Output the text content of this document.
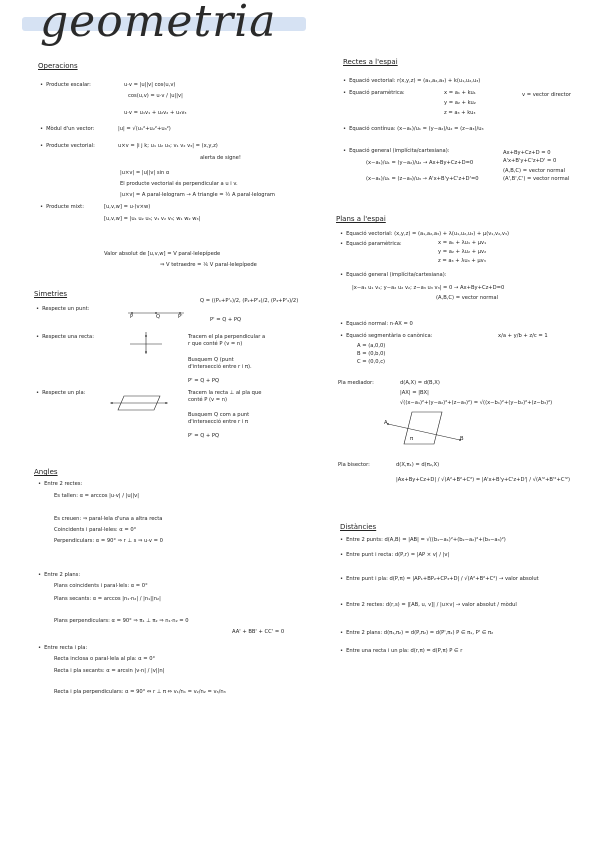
geometria
Operacions
• Producte escalar:	u·v = |u||v| cos(u,v)
cos(u,v) = u·v / |u||v|
u·v = u₁v₁ + u₂v₂ + u₃v₃
• Mòdul d'un vector:	|u| = √(u₁²+u₂²+u₃²)
• Producte vectorial:	u×v = |i j k; u₁ u₂ u₃; v₁ v₂ v₃| = (x,y,z)
alerta de signe!
|u×v| = |u||v| sin α
El producte vectorial és perpendicular a u i v.
|u×v| = A paral·lelogram → A triangle = ½ A paral·lelogram
• Producte mixt:	[u,v,w] = u·(v×w)
[u,v,w] = |u₁ u₂ u₃; v₁ v₂ v₃; w₁ w₂ w₃|
Valor absolut de [u,v,w] = V paral·lelepípede
⇒ V tetraedre = ⅙ V paral·lelepípede
Simetries
• Respecte un punt:
P	Q	P'
Q = ((P₁+P'₁)/2, (P₂+P'₂)/2, (P₃+P'₃)/2)
P' = Q + PQ
• Respecte una recta:	Tracem el pla perpendicular a r que conté P (v = n)
Busquem Q (punt d'intersecció entre r i π).
P' = Q + PQ
• Respecte un pla:	Tracem la recta ⊥ al pla que conté P (v = n)
Busquem Q com a punt d'intersecció entre r i π
P' = Q + PQ
Angles
• Entre 2 rectes:
Es tallen: α = arccos |u·v| / |u||v|
Es creuen: ⇒ paral·lela d'una a altra recta
Coincidents i paral·leles: α = 0°
Perpendiculars: α = 90° ⇒ r ⊥ s ⇒ u·v = 0
• Entre 2 plans:
Plans coincidents i paral·lels: α = 0°
Plans secants: α = arccos |n₁·n₂| / |n₁||n₂|
Plans perpendiculars: α = 90° ⇒ π₁ ⊥ π₂ ⇒ n₁·n₂ = 0
AA' + BB' + CC' = 0
• Entre recta i pla:
Recta inclosa o paral·lela al pla: α = 0°
Recta i pla secants: α = arcsin |v·n| / |v||n|
Recta i pla perpendiculars: α = 90° ⇔ r ⊥ π ⇔ v₁/n₁ = v₂/n₂ = v₃/n₃
Rectes a l'espai
• Equació vectorial: r(x,y,z) = (a₁,a₂,a₃) + k(u₁,u₂,u₃)
• Equació paramètrica:	x = a₁ + ku₁
y = a₂ + ku₂
z = a₃ + ku₃
v = vector director
• Equació contínua: (x−a₁)/u₁ = (y−a₂)/u₂ = (z−a₃)/u₃
• Equació general (implícita/cartesiana):
(x−a₁)/u₁ = (y−a₂)/u₂ → Ax+By+Cz+D=0
(x−a₁)/u₁ = (z−a₃)/u₃ → A'x+B'y+C'z+D'=0
Ax+By+Cz+D = 0
A'x+B'y+C'z+D' = 0
(A,B,C) = vector normal
(A',B',C') = vector normal
Plans a l'espai
• Equació vectorial: (x,y,z) = (a₁,a₂,a₃) + λ(u₁,u₂,u₃) + μ(v₁,v₂,v₃)
• Equació paramètrica:	x = a₁ + λu₁ + μv₁
y = a₂ + λu₂ + μv₂
z = a₃ + λu₃ + μv₃
• Equació general (implícita/cartesiana):
|x−a₁ u₁ v₁; y−a₂ u₂ v₂; z−a₃ u₃ v₃| = 0 → Ax+By+Cz+D=0
(A,B,C) = vector normal
• Equació normal: n·AX = 0
• Equació segmentària o canònica:	x/a + y/b + z/c = 1
A = (a,0,0)
B = (0,b,0)
C = (0,0,c)
Pla mediador:	d(A,X) = d(B,X)
|AX| = |BX|
√((x−a₁)²+(y−a₂)²+(z−a₃)²) = √((x−b₁)²+(y−b₂)²+(z−b₃)²)
A
B
π
Pla bisector:	d(X,π₁) = d(π₂,X)
|Ax+By+Cz+D| / √(A²+B²+C²) = |A'x+B'y+C'z+D'| / √(A'²+B'²+C'²)
Distàncies
• Entre 2 punts: d(A,B) = |AB| = √((b₁−a₁)²+(b₂−a₂)²+(b₃−a₃)²)
• Entre punt i recta: d(P,r) = |AP × v| / |v|
• Entre punt i pla: d(P,π) = |AP₁+BP₂+CP₃+D| / √(A²+B²+C²) → valor absolut
• Entre 2 rectes: d(r,s) = |[AB, u, v]| / |u×v| → valor absolut / mòdul
• Entre 2 plans: d(π₁,π₂) = d(P,π₂) = d(P',π₁) P ∈ π₁, P' ∈ π₂
• Entre una recta i un pla: d(r,π) = d(P,π) P ∈ r
